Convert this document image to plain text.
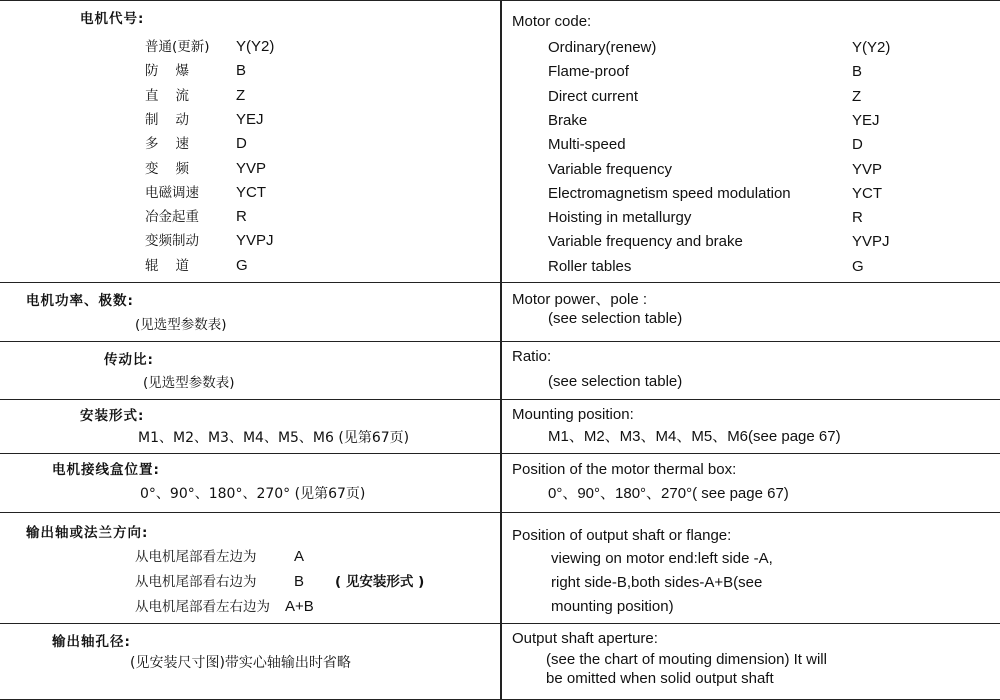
电机代号:
普通(更新) Y(Y2)
防爆 B
直流 Z
制动 YEJ
多速 D
变频 YVP
电磁调速 YCT
冶金起重 R
变频制动 YVPJ
辊道 G
Motor code:
Ordinary(renew)	Y(Y2)
Flame-proof	B
Direct current	Z
Brake	YEJ
Multi-speed	D
Variable frequency	YVP
Electromagnetism speed modulation	YCT
Hoisting in metallurgy	R
Variable frequency and brake	YVPJ
Roller tables	G
电机功率、极数:
(见选型参数表)
Motor power、pole :
(see selection table)
传动比:
(见选型参数表)
Ratio:
(see selection table)
安装形式:
M1、M2、M3、M4、M5、M6 (见第67页)
Mounting position:
M1、M2、M3、M4、M5、M6(see page 67)
电机接线盒位置:
0°、90°、180°、270° (见第67页)
Position of the motor thermal box:
0°、90°、180°、270°( see page 67)
输出轴或法兰方向:
从电机尾部看左边为	A
从电机尾部看右边为	B ( 见安装形式 )
从电机尾部看左右边为 A+B
Position of output shaft or flange:
viewing on motor end:left side -A,
right side-B,both sides-A+B(see
mounting position)
输出轴孔径:
(见安装尺寸图)带实心轴输出时省略
Output shaft aperture:
(see the chart of mouting dimension) It will
be omitted when solid output shaft
